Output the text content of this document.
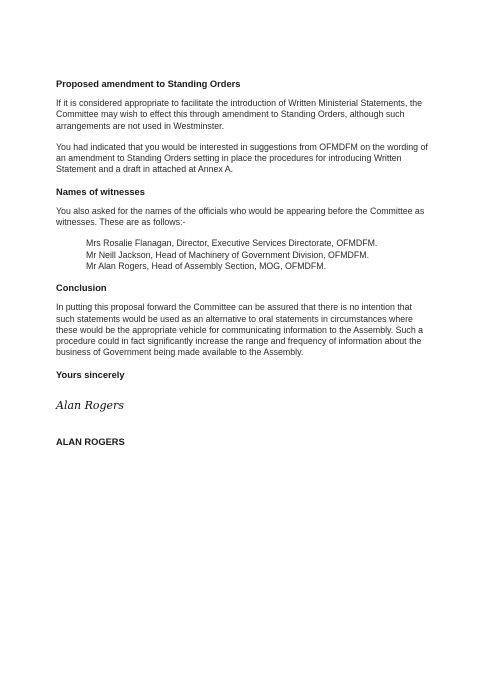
Proposed amendment to Standing Orders

If it is considered appropriate to facilitate the introduction of Written Ministerial Statements, the Committee may wish to effect this through amendment to Standing Orders, although such arrangements are not used in Westminster.

You had indicated that you would be interested in suggestions from OFMDFM on the wording of an amendment to Standing Orders setting in place the procedures for introducing Written Statement and a draft in attached at Annex A.

Names of witnesses

You also asked for the names of the officials who would be appearing before the Committee as witnesses. These are as follows:-

Mrs Rosalie Flanagan, Director, Executive Services Directorate, OFMDFM.
Mr Neill Jackson, Head of Machinery of Government Division, OFMDFM.
Mr Alan Rogers, Head of Assembly Section, MOG, OFMDFM.
Conclusion

In putting this proposal forward the Committee can be assured that there is no intention that such statements would be used as an alternative to oral statements in circumstances where these would be the appropriate vehicle for communicating information to the Assembly. Such a procedure could in fact significantly increase the range and frequency of information about the business of Government being made available to the Assembly.

Yours sincerely
Alan Rogers
ALAN ROGERS
